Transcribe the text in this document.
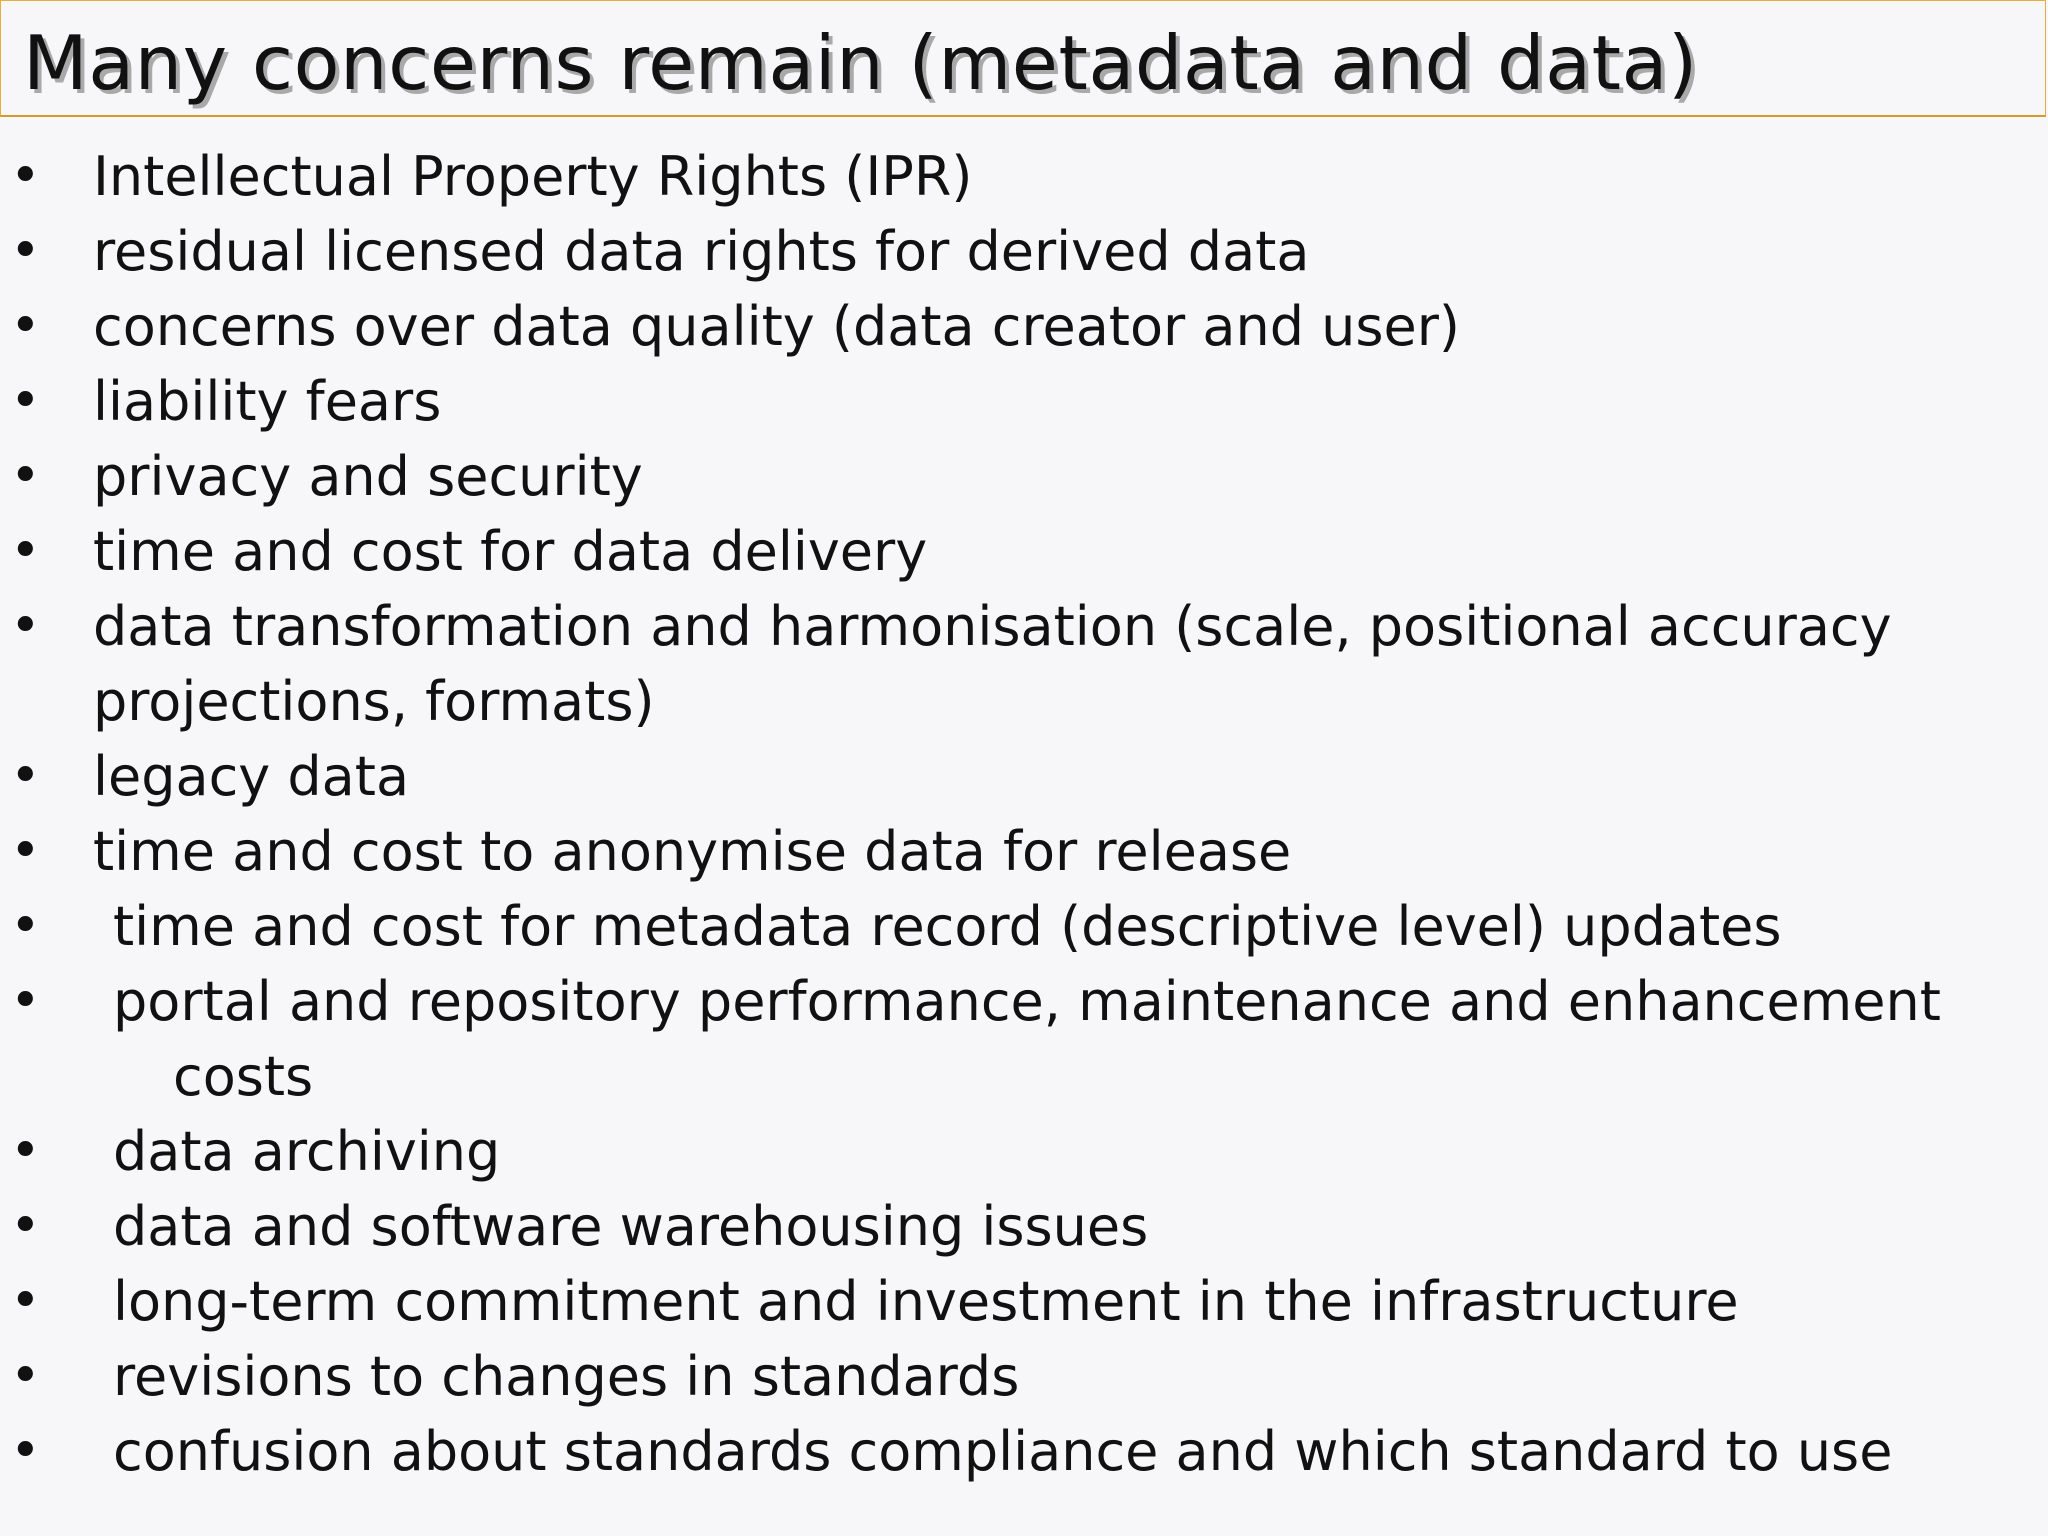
Many concerns remain (metadata and data)
• Intellectual Property Rights (IPR)
• residual licensed data rights for derived data
• concerns over data quality (data creator and user)
• liability fears
• privacy and security
• time and cost for data delivery
• data transformation and harmonisation (scale, positional accuracy
projections, formats)
• legacy data
• time and cost to anonymise data for release
• time and cost for metadata record (descriptive level) updates
• portal and repository performance, maintenance and enhancement
costs
• data archiving
• data and software warehousing issues
• long-term commitment and investment in the infrastructure
• revisions to changes in standards
• confusion about standards compliance and which standard to use
